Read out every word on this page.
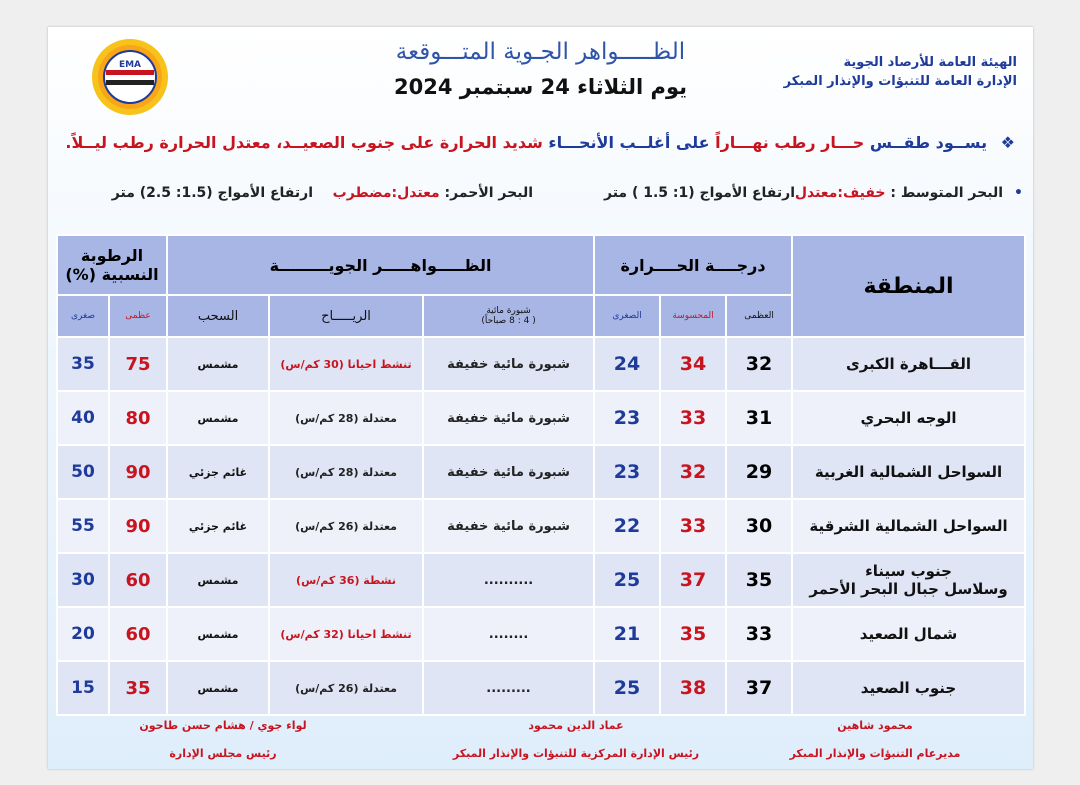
EMA	الظـــــواهر الجـوية المتـــوقعة
يوم الثلاثاء 24 سبتمبر 2024
الهيئة العامة للأرصاد الجوية
الإدارة العامة للتنبؤات والإنذار المبكر
❖ يســود طقــس حـــار رطب نهـــاراً على أغلــب الأنحـــاء شديد الحرارة على جنوب الصعيــد، معتدل الحرارة رطب ليــلاً.
•
البحر المتوسط : خفيف:معتدل
ارتفاع الأمواج (1: 1.5 ) متر
البحر الأحمر: معتدل:مضطرب
ارتفاع الأمواج (1.5: 2.5) متر
المنطقة	درجــــة الحــــرارة			الظـــــواهـــــر الجويـــــــــة			الرطوبة
النسبية (%)	

	العظمى	المحسوسة	الصغرى	شبورة مائية
( 4 : 8 صباحاً)	الريـــــاح	السحب	عظمى	صغرى

القـــاهرة الكبرى	32	34	24	شبورة مائية خفيفة	تنشط احيانا (30 كم/س)	مشمس	75	35

الوجه البحري	31	33	23	شبورة مائية خفيفة	معتدلة (28 كم/س)	مشمس	80	40

السواحل الشمالية الغربية	29	32	23	شبورة مائية خفيفة	معتدلة (28 كم/س)	غائم جزئي	90	50

السواحل الشمالية الشرقية	30	33	22	شبورة مائية خفيفة	معتدلة (26 كم/س)	غائم جزئي	90	55

جنوب سيناء
وسلاسل جبال البحر الأحمر	35	37	25	..........	نشطة (36 كم/س)	مشمس	60	30

شمال الصعيد	33	35	21	........	تنشط احيانا (32 كم/س)	مشمس	60	20

جنوب الصعيد	37	38	25	.........	معتدلة (26 كم/س)	مشمس	35	15
محمود شاهين
مديرعام التنبؤات والإنذار المبكر
عماد الدين محمود
رئيس الإدارة المركزية للتنبؤات والإنذار المبكر
لواء جوي / هشام حسن طاحون
رئيس مجلس الإدارة
